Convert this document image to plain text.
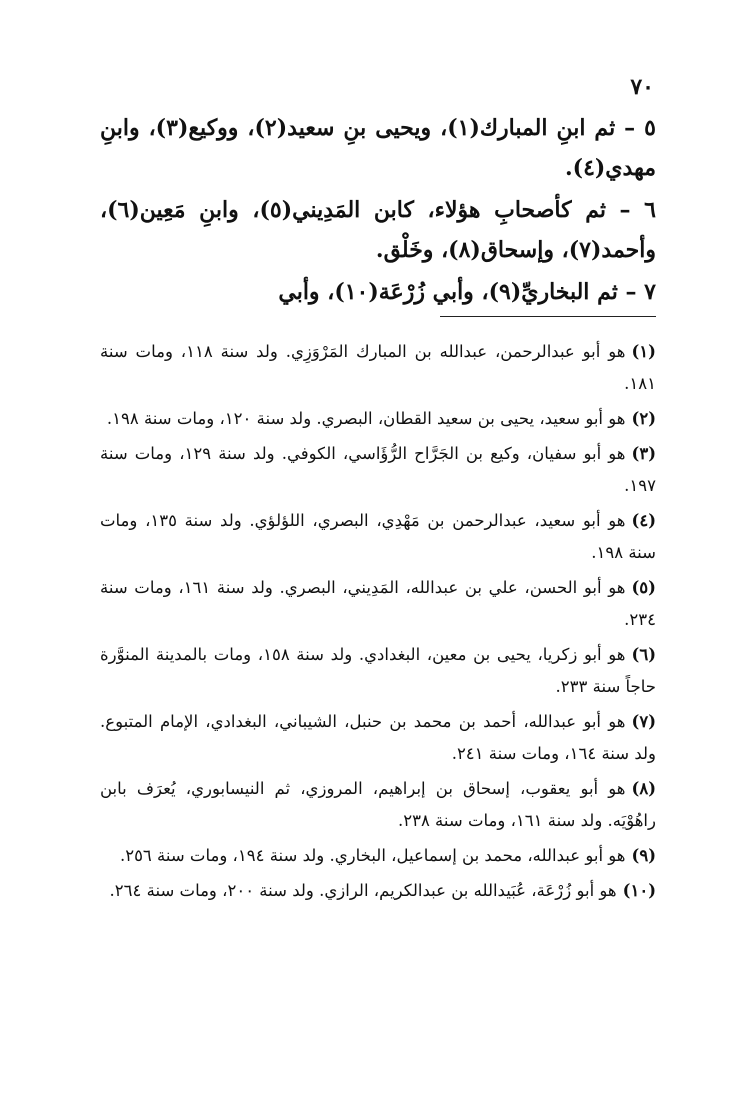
٧٠

٥ – ثم ابنِ المبارك(١)، ويحيى بنِ سعيد(٢)، ووكيع(٣)، وابنِ مهدي(٤).

٦ – ثم كأصحابِ هؤلاء، كابن المَدِيني(٥)، وابنِ مَعِين(٦)، وأحمد(٧)، وإسحاق(٨)، وخَلْق.

٧ – ثم البخاريِّ(٩)، وأبي زُرْعَة(١٠)، وأبي

(١)هو أبو عبدالرحمن، عبدالله بن المبارك المَرْوَزِي. ولد سنة ١١٨، ومات سنة ١٨١.

(٢)هو أبو سعيد، يحيى بن سعيد القطان، البصري. ولد سنة ١٢٠، ومات سنة ١٩٨.

(٣)هو أبو سفيان، وكيع بن الجَرَّاح الرُّؤَاسي، الكوفي. ولد سنة ١٢٩، ومات سنة ١٩٧.

(٤)هو أبو سعيد، عبدالرحمن بن مَهْدِي، البصري، اللؤلؤي. ولد سنة ١٣٥، ومات سنة ١٩٨.

(٥)هو أبو الحسن، علي بن عبدالله، المَدِيني، البصري. ولد سنة ١٦١، ومات سنة ٢٣٤.

(٦)هو أبو زكريا، يحيى بن معين، البغدادي. ولد سنة ١٥٨، ومات بالمدينة المنوَّرة حاجاً سنة ٢٣٣.

(٧)هو أبو عبدالله، أحمد بن محمد بن حنبل، الشيباني، البغدادي، الإمام المتبوع. ولد سنة ١٦٤، ومات سنة ٢٤١.

(٨)هو أبو يعقوب، إسحاق بن إبراهيم، المروزي، ثم النيسابوري، يُعرَف بابن راهُوْيَه. ولد سنة ١٦١، ومات سنة ٢٣٨.

(٩)هو أبو عبدالله، محمد بن إسماعيل، البخاري. ولد سنة ١٩٤، ومات سنة ٢٥٦.

(١٠)هو أبو زُرْعَة، عُبَيدالله بن عبدالكريم، الرازي. ولد سنة ٢٠٠، ومات سنة ٢٦٤.
